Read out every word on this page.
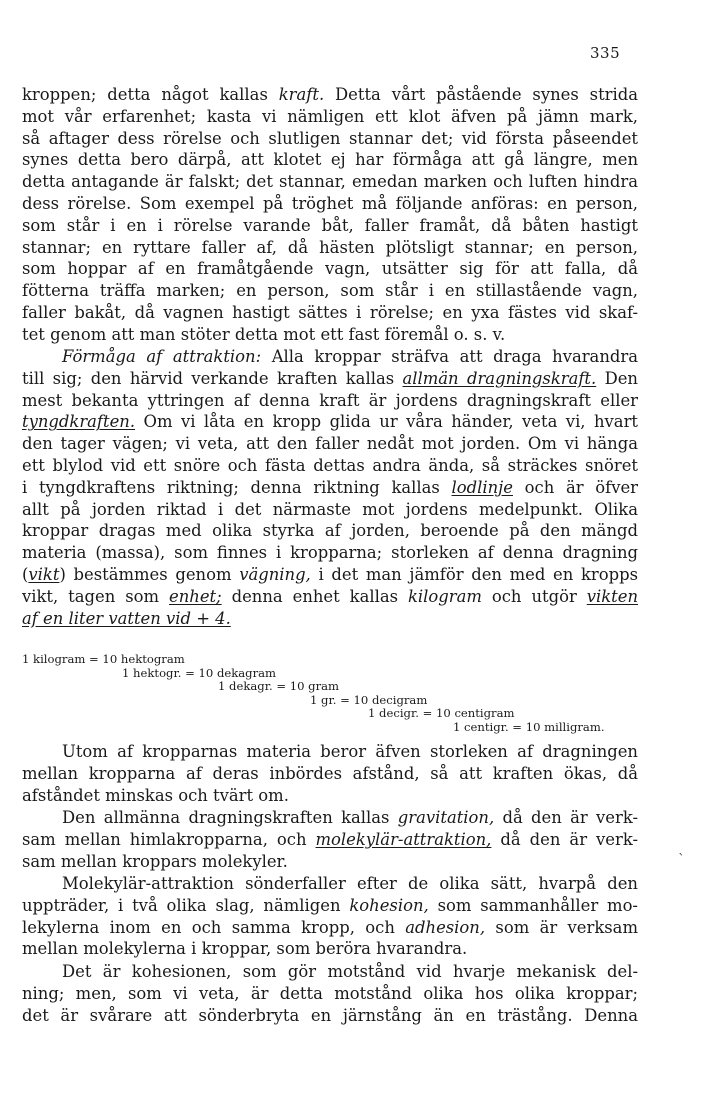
335
kroppen; detta något kallas kraft. Detta vårt påstående synes strida
mot vår erfarenhet; kasta vi nämligen ett klot äfven på jämn mark,
så aftager dess rörelse och slutligen stannar det; vid första påseendet
synes detta bero därpå, att klotet ej har förmåga att gå längre, men
detta antagande är falskt; det stannar, emedan marken och luften hindra
dess rörelse. Som exempel på tröghet må följande anföras: en person,
som står i en i rörelse varande båt, faller framåt, då båten hastigt
stannar; en ryttare faller af, då hästen plötsligt stannar; en person,
som hoppar af en framåtgående vagn, utsätter sig för att falla, då
fötterna träffa marken; en person, som står i en stillastående vagn,
faller bakåt, då vagnen hastigt sättes i rörelse; en yxa fästes vid skaf-
tet genom att man stöter detta mot ett fast föremål o. s. v.
Förmåga af attraktion: Alla kroppar sträfva att draga hvarandra
till sig; den härvid verkande kraften kallas allmän dragningskraft. Den
mest bekanta yttringen af denna kraft är jordens dragningskraft eller
tyngdkraften. Om vi låta en kropp glida ur våra händer, veta vi, hvart
den tager vägen; vi veta, att den faller nedåt mot jorden. Om vi hänga
ett blylod vid ett snöre och fästa dettas andra ända, så sträckes snöret
i tyngdkraftens riktning; denna riktning kallas lodlinje och är öfver
allt på jorden riktad i det närmaste mot jordens medelpunkt. Olika
kroppar dragas med olika styrka af jorden, beroende på den mängd
materia (massa), som finnes i kropparna; storleken af denna dragning
(vikt) bestämmes genom vägning, i det man jämför den med en kropps
vikt, tagen som enhet; denna enhet kallas kilogram och utgör vikten
af en liter vatten vid + 4.
1 kilogram = 10 hektogram
1 hektogr. = 10 dekagram
1 dekagr. = 10 gram
1 gr. = 10 decigram
1 decigr. = 10 centigram
1 centigr. = 10 milligram.
Utom af kropparnas materia beror äfven storleken af dragningen
mellan kropparna af deras inbördes afstånd, så att kraften ökas, då
afståndet minskas och tvärt om.
Den allmänna dragningskraften kallas gravitation, då den är verk-
sam mellan himlakropparna, och molekylär-attraktion, då den är verk-
sam mellan kroppars molekyler.
Molekylär-attraktion sönderfaller efter de olika sätt, hvarpå den
uppträder, i två olika slag, nämligen kohesion, som sammanhåller mo-
lekylerna inom en och samma kropp, och adhesion, som är verksam
mellan molekylerna i kroppar, som beröra hvarandra.
Det är kohesionen, som gör motstånd vid hvarje mekanisk del-
ning; men, som vi veta, är detta motstånd olika hos olika kroppar;
det är svårare att sönderbryta en järnstång än en trästång. Denna
`
